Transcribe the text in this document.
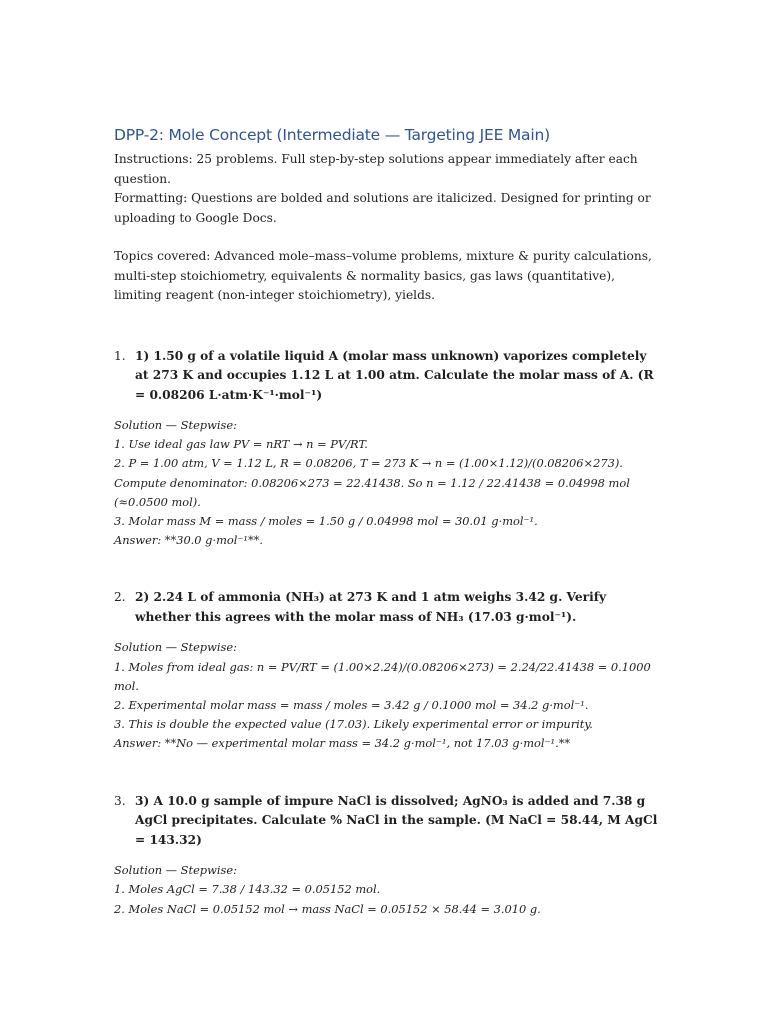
DPP-2: Mole Concept (Intermediate — Targeting JEE Main)

Instructions: 25 problems. Full step-by-step solutions appear immediately after each question.

Formatting: Questions are bolded and solutions are italicized. Designed for printing or uploading to Google Docs.

Topics covered: Advanced mole–mass–volume problems, mixture & purity calculations, multi-step stoichiometry, equivalents & normality basics, gas laws (quantitative), limiting reagent (non-integer stoichiometry), yields.

1. 1) 1.50 g of a volatile liquid A (molar mass unknown) vaporizes completely at 273 K and occupies 1.12 L at 1.00 atm. Calculate the molar mass of A. (R = 0.08206 L·atm·K⁻¹·mol⁻¹)
Solution — Stepwise:
1. Use ideal gas law PV = nRT → n = PV/RT.
2. P = 1.00 atm, V = 1.12 L, R = 0.08206, T = 273 K → n = (1.00×1.12)/(0.08206×273).
Compute denominator: 0.08206×273 = 22.41438. So n = 1.12 / 22.41438 = 0.04998 mol (≈0.0500 mol).
3. Molar mass M = mass / moles = 1.50 g / 0.04998 mol = 30.01 g·mol⁻¹.
Answer: **30.0 g·mol⁻¹**.
2. 2) 2.24 L of ammonia (NH₃) at 273 K and 1 atm weighs 3.42 g. Verify whether this agrees with the molar mass of NH₃ (17.03 g·mol⁻¹).
Solution — Stepwise:
1. Moles from ideal gas: n = PV/RT = (1.00×2.24)/(0.08206×273) = 2.24/22.41438 = 0.1000 mol.
2. Experimental molar mass = mass / moles = 3.42 g / 0.1000 mol = 34.2 g·mol⁻¹.
3. This is double the expected value (17.03). Likely experimental error or impurity.
Answer: **No — experimental molar mass = 34.2 g·mol⁻¹, not 17.03 g·mol⁻¹.**
3. 3) A 10.0 g sample of impure NaCl is dissolved; AgNO₃ is added and 7.38 g AgCl precipitates. Calculate % NaCl in the sample. (M NaCl = 58.44, M AgCl = 143.32)
Solution — Stepwise:
1. Moles AgCl = 7.38 / 143.32 = 0.05152 mol.
2. Moles NaCl = 0.05152 mol → mass NaCl = 0.05152 × 58.44 = 3.010 g.
